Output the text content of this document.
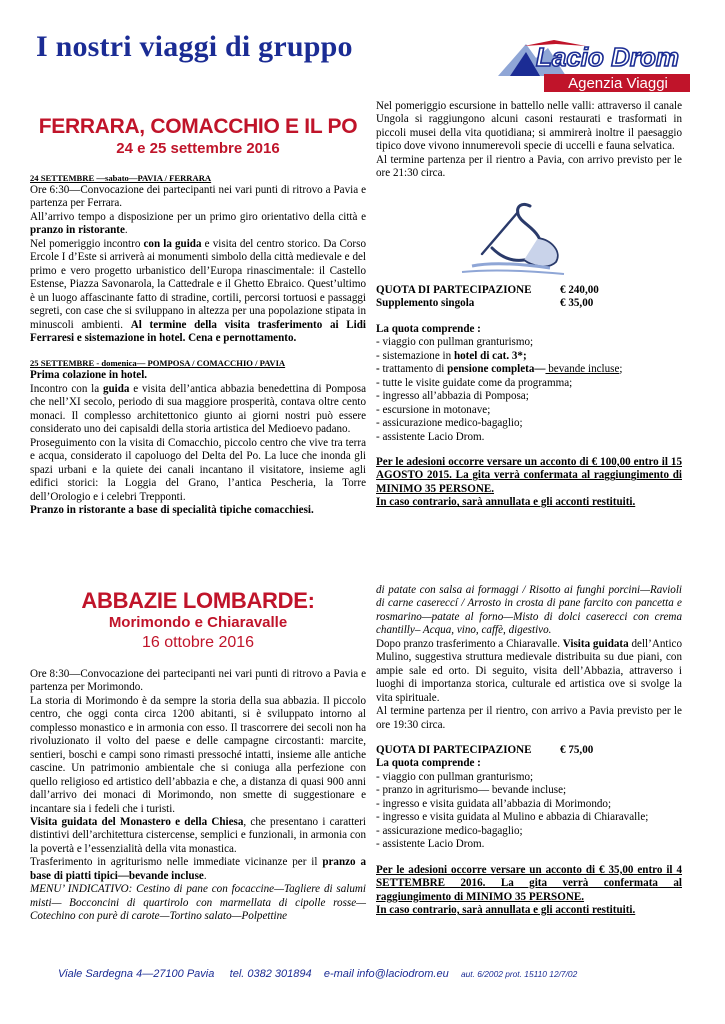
I nostri viaggi di gruppo	Lacio Drom
Agenzia Viaggi
FERRARA, COMACCHIO E IL PO

24 e 25 settembre 2016

24 SETTEMBRE —sabato—PAVIA / FERRARA

Ore 6:30—Convocazione dei partecipanti nei vari punti di ritrovo a Pavia e partenza per Ferrara.

All’arrivo tempo a disposizione per un primo giro orientativo della città e pranzo in ristorante.

Nel pomeriggio incontro con la guida e visita del centro storico. Da Corso Ercole I d’Este si arriverà ai monumenti simbolo della città medievale e del primo e vero progetto urbanistico dell’Europa rinascimentale: il Castello Estense, Piazza Savonarola, la Cattedrale e il Ghetto Ebraico. Quest’ultimo è un luogo affascinante fatto di stradine, cortili, percorsi tortuosi e passaggi segreti, con case che si sviluppano in altezza per una popolazione stipata in minuscoli ambienti. Al termine della visita trasferimento ai Lidi Ferraresi e sistemazione in hotel. Cena e pernottamento.

25 SETTEMBRE - domenica— POMPOSA / COMACCHIO / PAVIA

Prima colazione in hotel.

Incontro con la guida e visita dell’antica abbazia benedettina di Pomposa che nell’XI secolo, periodo di sua maggiore prosperità, contava oltre cento monaci. Il complesso architettonico giunto ai giorni nostri può essere considerato uno dei capisaldi della storia artistica del Medioevo padano.

Proseguimento con la visita di Comacchio, piccolo centro che vive tra terra e acqua, considerato il capoluogo del Delta del Po. La luce che inonda gli spazi urbani e la quiete dei canali incantano il visitatore, insieme agli edifici storici: la Loggia del Grano, l’antica Pescheria, la Torre dell’Orologio e i celebri Trepponti.

Pranzo in ristorante a base di specialità tipiche comacchiesi.

Nel pomeriggio escursione in battello nelle valli: attraverso il canale Ungola si raggiungono alcuni casoni restaurati e trasformati in piccoli musei della vita quotidiana; si ammirerà inoltre il paesaggio tipico dove vivono innumerevoli specie di uccelli e fauna selvatica.

Al termine partenza per il rientro a Pavia, con arrivo previsto per le ore 21:30 circa.

QUOTA DI PARTECIPAZIONE	€ 240,00
Supplemento singola	€ 35,00

La quota comprende :

- viaggio con pullman granturismo;

- sistemazione in hotel di cat. 3*;

- trattamento di pensione completa— bevande incluse;

- tutte le visite guidate come da programma;

- ingresso all’abbazia di Pomposa;

- escursione in motonave;

- assicurazione medico-bagaglio;

- assistente Lacio Drom.

Per le adesioni occorre versare un acconto di € 100,00 entro il 15 AGOSTO 2015. La gita verrà confermata al raggiungimento di MINIMO 35 PERSONE.

In caso contrario, sarà annullata e gli acconti restituiti.

ABBAZIE LOMBARDE:

Morimondo e Chiaravalle

16 ottobre 2016

Ore 8:30—Convocazione dei partecipanti nei vari punti di ritrovo a Pavia e partenza per Morimondo.

La storia di Morimondo è da sempre la storia della sua abbazia. Il piccolo centro, che oggi conta circa 1200 abitanti, si è sviluppato intorno al complesso monastico e in armonia con esso. Il trascorrere dei secoli non ha rivoluzionato il volto del paese e delle campagne circostanti: marcite, sentieri, boschi e campi sono rimasti pressoché intatti, insieme alle antiche cascine. Un patrimonio ambientale che si coniuga alla perfezione con quello religioso ed artistico dell’abbazia e che, a distanza di quasi 900 anni dall’arrivo dei monaci di Morimondo, non smette di suggestionare e incantare sia i fedeli che i turisti.

Visita guidata del Monastero e della Chiesa, che presentano i caratteri distintivi dell’architettura cistercense, semplici e funzionali, in armonia con la povertà e l’essenzialità della vita monastica.

Trasferimento in agriturismo nelle immediate vicinanze per il pranzo a base di piatti tipici—bevande incluse.

MENU’ INDICATIVO: Cestino di pane con focaccine—Tagliere di salumi misti— Bocconcini di quartirolo con marmellata di cipolle rosse—Cotechino con purè di carote—Tortino salato—Polpettine

di patate con salsa ai formaggi / Risotto ai funghi porcini—Ravioli di carne casereccí / Arrosto in crosta di pane farcito con pancetta e rosmarino—patate al forno—Misto di dolci caserecci con crema chantilly– Acqua, vino, caffè, digestivo.

Dopo pranzo trasferimento a Chiaravalle. Visita guidata dell’Antico Mulino, suggestiva struttura medievale distribuita su due piani, con ampie sale ed orto. Di seguito, visita dell’Abbazia, attraverso i luoghi di importanza storica, culturale ed artistica ove si svolge la vita spirituale.

Al termine partenza per il rientro, con arrivo a Pavia previsto per le ore 19:30 circa.

QUOTA DI PARTECIPAZIONE	€ 75,00

La quota comprende :

- viaggio con pullman granturismo;

- pranzo in agriturismo— bevande incluse;

- ingresso e visita guidata all’abbazia di Morimondo;

- ingresso e visita guidata al Mulino e abbazia di Chiaravalle;

- assicurazione medico-bagaglio;

- assistente Lacio Drom.

Per le adesioni occorre versare un acconto di € 35,00 entro il 4 SETTEMBRE 2016. La gita verrà confermata al raggiungimento di MINIMO 35 PERSONE.

In caso contrario, sarà annullata e gli acconti restituiti.

Viale Sardegna 4—27100 Pavia tel. 0382 301894 e-mail info@laciodrom.eu aut. 6/2002 prot. 15110 12/7/02
